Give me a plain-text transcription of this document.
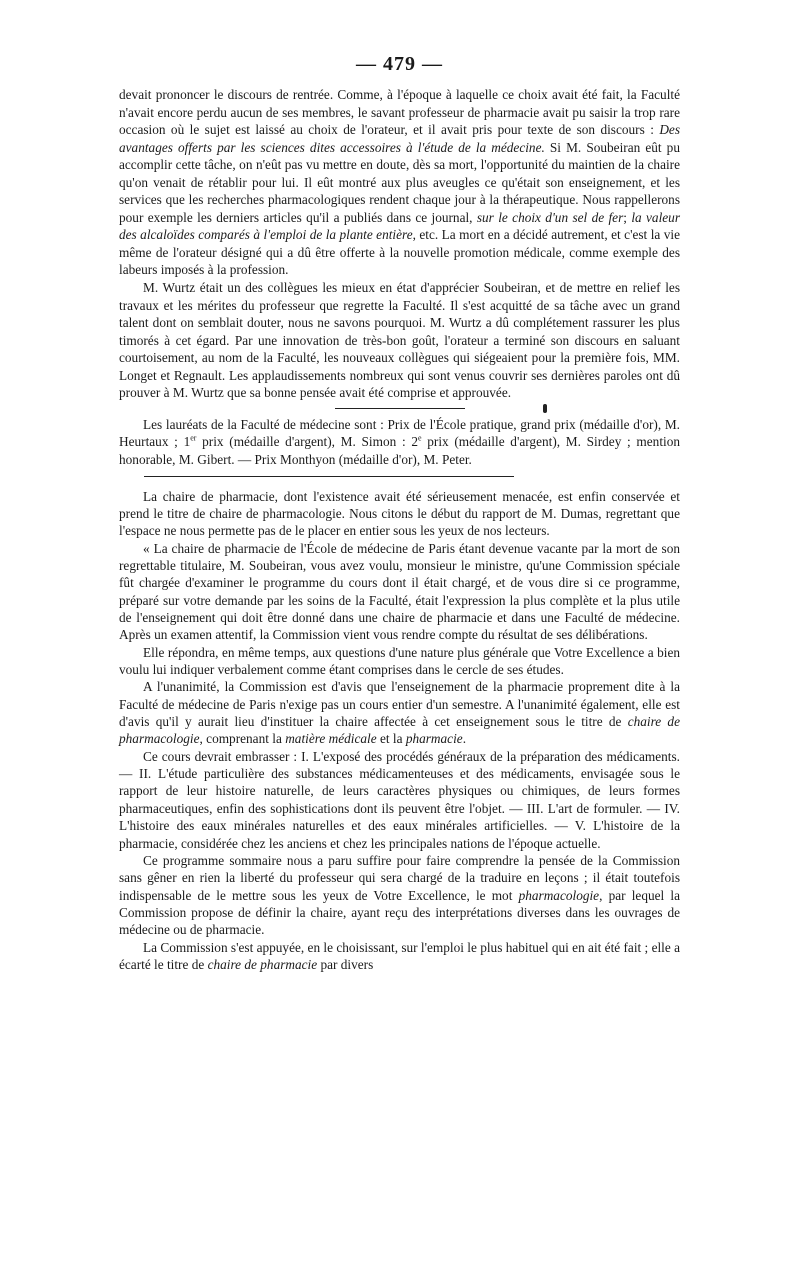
— 479 —

devait prononcer le discours de rentrée. Comme, à l'époque à laquelle ce choix avait été fait, la Faculté n'avait encore perdu aucun de ses membres, le savant professeur de pharmacie avait pu saisir la trop rare occasion où le sujet est laissé au choix de l'orateur, et il avait pris pour texte de son discours : Des avantages offerts par les sciences dites accessoires à l'étude de la médecine. Si M. Soubeiran eût pu accomplir cette tâche, on n'eût pas vu mettre en doute, dès sa mort, l'opportunité du maintien de la chaire qu'on venait de rétablir pour lui. Il eût montré aux plus aveugles ce qu'était son enseignement, et les services que les recherches pharmacologiques rendent chaque jour à la thérapeutique. Nous rappellerons pour exemple les derniers articles qu'il a publiés dans ce journal, sur le choix d'un sel de fer; la valeur des alcaloïdes comparés à l'emploi de la plante entière, etc. La mort en a décidé autrement, et c'est la vie même de l'orateur désigné qui a dû être offerte à la nouvelle promotion médicale, comme exemple des labeurs imposés à la profession.

M. Wurtz était un des collègues les mieux en état d'apprécier Soubeiran, et de mettre en relief les travaux et les mérites du professeur que regrette la Faculté. Il s'est acquitté de sa tâche avec un grand talent dont on semblait douter, nous ne savons pourquoi. M. Wurtz a dû complétement rassurer les plus timorés à cet égard. Par une innovation de très-bon goût, l'orateur a terminé son discours en saluant courtoisement, au nom de la Faculté, les nouveaux collègues qui siégeaient pour la première fois, MM. Longet et Regnault. Les applaudissements nombreux qui sont venus couvrir ses dernières paroles ont dû prouver à M. Wurtz que sa bonne pensée avait été comprise et approuvée.

Les lauréats de la Faculté de médecine sont : Prix de l'École pratique, grand prix (médaille d'or), M. Heurtaux ; 1er prix (médaille d'argent), M. Simon : 2e prix (médaille d'argent), M. Sirdey ; mention honorable, M. Gibert. — Prix Monthyon (médaille d'or), M. Peter.

La chaire de pharmacie, dont l'existence avait été sérieusement menacée, est enfin conservée et prend le titre de chaire de pharmacologie. Nous citons le début du rapport de M. Dumas, regrettant que l'espace ne nous permette pas de le placer en entier sous les yeux de nos lecteurs.

« La chaire de pharmacie de l'École de médecine de Paris étant devenue vacante par la mort de son regrettable titulaire, M. Soubeiran, vous avez voulu, monsieur le ministre, qu'une Commission spéciale fût chargée d'examiner le programme du cours dont il était chargé, et de vous dire si ce programme, préparé sur votre demande par les soins de la Faculté, était l'expression la plus complète et la plus utile de l'enseignement qui doit être donné dans une chaire de pharmacie et dans une Faculté de médecine. Après un examen attentif, la Commission vient vous rendre compte du résultat de ses délibérations.

Elle répondra, en même temps, aux questions d'une nature plus générale que Votre Excellence a bien voulu lui indiquer verbalement comme étant comprises dans le cercle de ses études.

A l'unanimité, la Commission est d'avis que l'enseignement de la pharmacie proprement dite à la Faculté de médecine de Paris n'exige pas un cours entier d'un semestre. A l'unanimité également, elle est d'avis qu'il y aurait lieu d'instituer la chaire affectée à cet enseignement sous le titre de chaire de pharmacologie, comprenant la matière médicale et la pharmacie.

Ce cours devrait embrasser : I. L'exposé des procédés généraux de la préparation des médicaments. — II. L'étude particulière des substances médicamenteuses et des médicaments, envisagée sous le rapport de leur histoire naturelle, de leurs caractères physiques ou chimiques, de leurs formes pharmaceutiques, enfin des sophistications dont ils peuvent être l'objet. — III. L'art de formuler. — IV. L'histoire des eaux minérales naturelles et des eaux minérales artificielles. — V. L'histoire de la pharmacie, considérée chez les anciens et chez les principales nations de l'époque actuelle.

Ce programme sommaire nous a paru suffire pour faire comprendre la pensée de la Commission sans gêner en rien la liberté du professeur qui sera chargé de la traduire en leçons ; il était toutefois indispensable de le mettre sous les yeux de Votre Excellence, le mot pharmacologie, par lequel la Commission propose de définir la chaire, ayant reçu des interprétations diverses dans les ouvrages de médecine ou de pharmacie.

La Commission s'est appuyée, en le choisissant, sur l'emploi le plus habituel qui en ait été fait ; elle a écarté le titre de chaire de pharmacie par divers
